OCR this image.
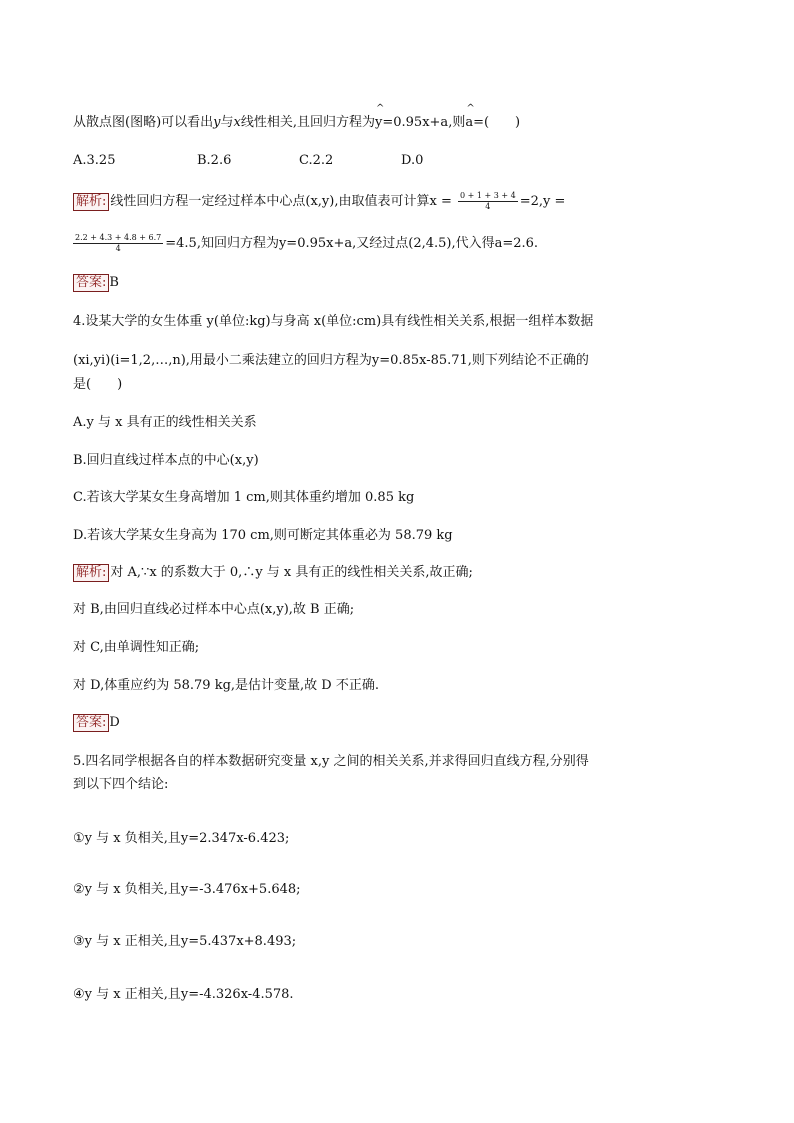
从散点图(图略)可以看出y与x线性相关,且回归方程为^ y=0.95x+a,则^ a=(　　)
A.3.25	B.2.6	C.2.2	D.0
解析: 线性回归方程一定经过样本中心点(x,y),由取值表可计算$x = \frac{0 + 1 + 3 + 4}{4} =2,y$ =
$\frac{2.2 + 4.3 + 4.8 + 6.7}{4} =4.5$,知回归方程为y=0.95x+a,又经过点(2,4.5),代入得a=2.6.
答案: B
4.设某大学的女生体重 y(单位:kg)与身高 x(单位:cm)具有线性相关关系,根据一组样本数据
(xi,yi)(i=1,2,…,n),用最小二乘法建立的回归方程为y=0.85x-85.71,则下列结论不正确的
是(　　)
A.y 与 x 具有正的线性相关关系
B.回归直线过样本点的中心(x,y)
C.若该大学某女生身高增加 1 cm,则其体重约增加 0.85 kg
D.若该大学某女生身高为 170 cm,则可断定其体重必为 58.79 kg
解析: 对 A,∵x 的系数大于 0,∴y 与 x 具有正的线性相关关系,故正确;
对 B,由回归直线必过样本中心点(x,y),故 B 正确;
对 C,由单调性知正确;
对 D,体重应约为 58.79 kg,是估计变量,故 D 不正确.
答案: D
5.四名同学根据各自的样本数据研究变量 x,y 之间的相关关系,并求得回归直线方程,分别得
到以下四个结论:
①y 与 x 负相关,且y=2.347x-6.423;
②y 与 x 负相关,且y=-3.476x+5.648;
③y 与 x 正相关,且y=5.437x+8.493;
④y 与 x 正相关,且y=-4.326x-4.578.
